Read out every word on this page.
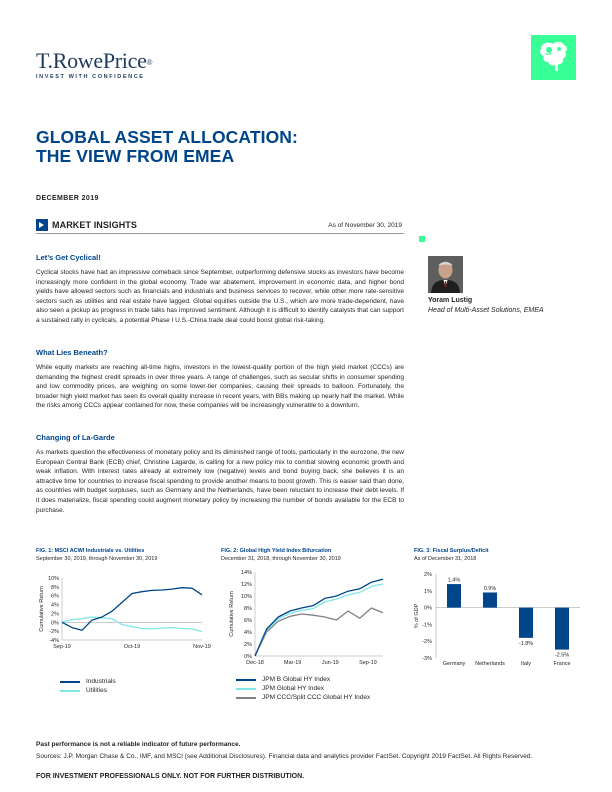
T.RowePrice®
INVEST WITH CONFIDENCE
GLOBAL ASSET ALLOCATION:
THE VIEW FROM EMEA
DECEMBER 2019
MARKET INSIGHTS	As of November 30, 2019
Let’s Get Cyclical!
Cyclical stocks have had an impressive comeback since September, outperforming defensive stocks as investors have become increasingly more confident in the global economy. Trade war abatement, improvement in economic data, and higher bond yields have allowed sectors such as financials and industrials and business services to recover, while other more rate-sensitive sectors such as utilities and real estate have lagged. Global equities outside the U.S., which are more trade-dependent, have also seen a pickup as progress in trade talks has improved sentiment. Although it is difficult to identify catalysts that can support a sustained rally in cyclicals, a potential Phase I U.S.-China trade deal could boost global risk-taking.
What Lies Beneath?
While equity markets are reaching all-time highs, investors in the lowest-quality portion of the high yield market (CCCs) are demanding the highest credit spreads in over three years. A range of challenges, such as secular shifts in consumer spending and low commodity prices, are weighing on some lower-tier companies, causing their spreads to balloon. Fortunately, the broader high yield market has seen its overall quality increase in recent years, with BBs making up nearly half the market. While the risks among CCCs appear contained for now, these companies will be increasingly vulnerable to a downturn.
Changing of La-Garde
As markets question the effectiveness of monetary policy and its diminished range of tools, particularly in the eurozone, the new European Central Bank (ECB) chief, Christine Lagarde, is calling for a new policy mix to combat slowing economic growth and weak inflation. With interest rates already at extremely low (negative) levels and bond buying back, she believes it is an attractive time for countries to increase fiscal spending to provide another means to boost growth. This is easier said than done, as countries with budget surpluses, such as Germany and the Netherlands, have been reluctant to increase their debt levels. If it does materialize, fiscal spending could augment monetary policy by increasing the number of bonds available for the ECB to purchase.
Yoram Lustig
Head of Multi-Asset Solutions, EMEA
FIG. 1: MSCI ACWI Industrials vs. Utilities
September 30, 2019, through November 30, 2019
10%
8%
6%
4%
2%
0%
-2%
-4%
Sep-19	Oct-19	Nov-19
Cumulative Return
Industrials
Utilities
FIG. 2: Global High Yield Index Bifurcation
December 31, 2018, through November 30, 2019
14%
12%
10%
8%
6%
4%
2%
0%
Dec-18	Mar-19	Jun-19	Sep-19
Cumulative Return
JPM B Global HY Index
JPM Global HY Index
JPM CCC/Split CCC Global HY Index
FIG. 3: Fiscal Surplus/Deficit
As of December 31, 2018
2%
1%
0%
-1%
-2%
-3%
% of GDP
1.4%
Germany
0.9%
Netherlands
-1.8%
Italy
-2.5%
France
Past performance is not a reliable indicator of future performance.
Sources: J.P. Morgan Chase & Co., IMF, and MSCI (see Additional Disclosures). Financial data and analytics provider FactSet. Copyright 2019 FactSet. All Rights Reserved.
FOR INVESTMENT PROFESSIONALS ONLY. NOT FOR FURTHER DISTRIBUTION.
